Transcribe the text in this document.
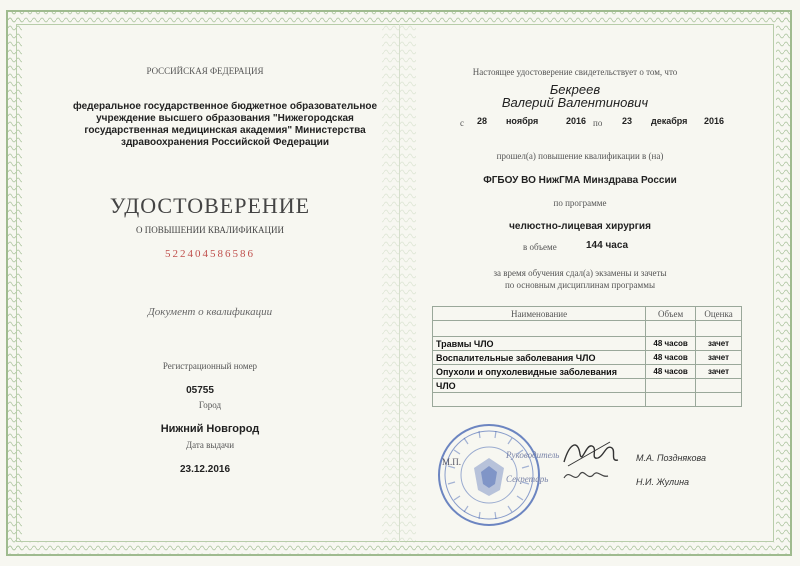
РОССИЙСКАЯ ФЕДЕРАЦИЯ
федеральное государственное бюджетное образовательное
учреждение высшего образования "Нижегородская
государственная медицинская академия" Министерства
здравоохранения Российской Федерации
УДОСТОВЕРЕНИЕ
О ПОВЫШЕНИИ КВАЛИФИКАЦИИ
522404586586
Документ о квалификации
Регистрационный номер
05755
Город
Нижний Новгород
Дата выдачи
23.12.2016
Настоящее удостоверение свидетельствует о том, что
Бекреев
Валерий Валентинович
с 28 ноября	2016 по 23 декабря 2016
прошел(а) повышение квалификации в (на)
ФГБОУ ВО НижГМА Минздрава России
по программе
челюстно-лицевая хирургия
в объеме	144 часа
за время обучения сдал(а) экзамены и зачеты
по основным дисциплинам программы
Наименование	Объем	Оценка

Травмы ЧЛО	48 часов	зачет
Воспалительные заболевания ЧЛО	48 часов	зачет
Опухоли и опухолевидные заболевания	48 часов	зачет
ЧЛО		

М.П.
Руководитель
Секретарь
М.А. Позднякова
Н.И. Жулина
